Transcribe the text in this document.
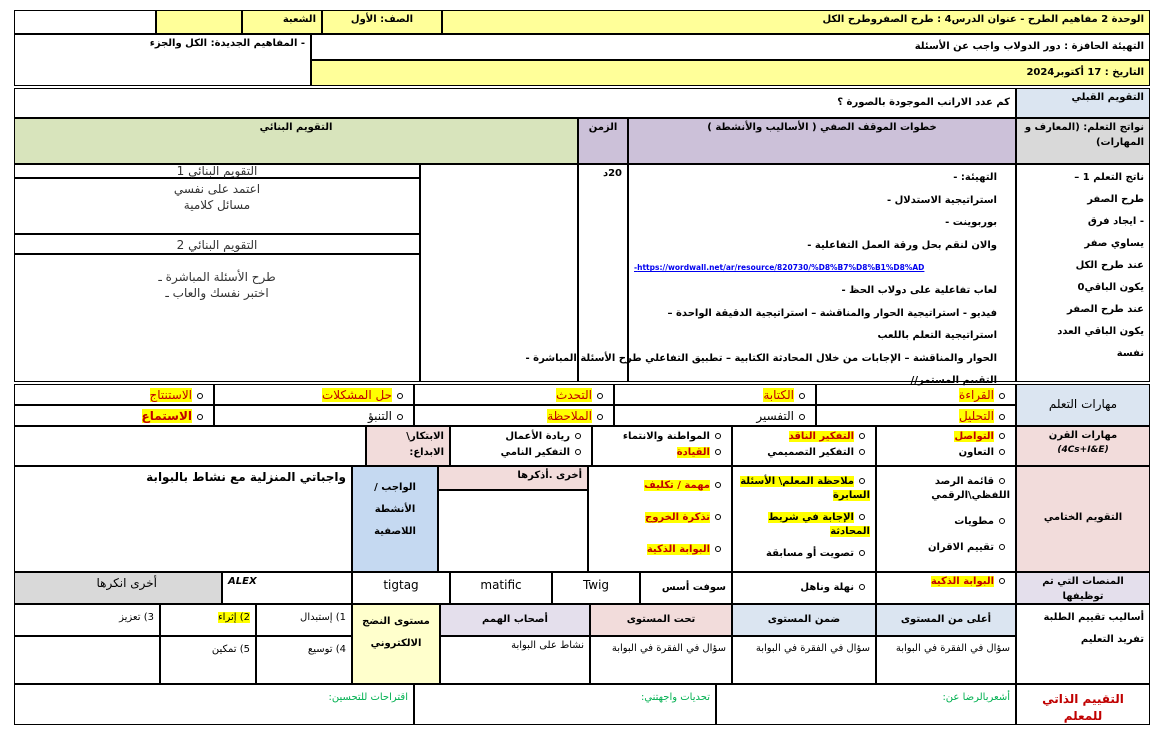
الوحدة 2 مفاهيم الطرح - عنوان الدرس4 : طرح الصفروطرح الكل
الصف: الأول
الشعبة
التهيئة الحافزة : دور الدولاب واجب عن الأسئلة
التاريخ : 17 أكتوبر2024
- المفاهيم الجديدة: الكل والجزء
التقويم القبلي
كم عدد الارانب الموجودة بالصورة ؟
نواتج التعلم: (المعارف و المهارات)
خطوات الموقف الصفي ( الأساليب والأنشطة )
الزمن
التقويم البنائي
ناتج التعلم 1 –
طرح الصفر
- ايجاد فرق
يساوي صفر
عند طرح الكل
يكون الباقي0
عند طرح الصفر
يكون الباقي العدد
نفسة
التهيئة: -
استراتيجية الاستدلال -
بوربوينت -
والان لنقم بحل ورقة العمل التفاعلية -
https://wordwall.net/ar/resource/820730/%D8%B7%D8%B1%D8%AD-
لعاب تفاعلية على دولاب الحظ -
فيديو - استراتيجية الحوار والمناقشة – استراتيجية الدقيقة الواحدة –
استراتيجية التعلم باللعب
الحوار والمناقشة – الإجابات من خلال المحادثة الكتابية – تطبيق التفاعلي طرح الأسئلة المباشرة -
التقييم المستمر//
20د
التقويم البنائي 1
اعتمد على نفسي
مسائل كلامية
التقويم البنائي 2
طرح الأسئلة المباشرة ـ
اختبر نفسك والعاب ـ
مهارات التعلم
القراءة
الكتابة
التحدث
حل المشكلات
الاستنتاج
التحليل
التفسير
الملاحظة
التنبؤ
الاستماع
مهارات القرن
(4Cs+I&E)
التواصل
التعاون
التفكير الناقد
التفكير التصميمي
المواطنة والانتماء
القيادة
ريادة الأعمال
التفكير النامي
الابتكار\ الابداع:
التقويم الختامي
قائمة الرصد اللفظي\الرقمي
مطويات
تقييم الاقران
ملاحظة المعلم\ الأسئلة السابرة
الإجابة في شريط المحادثة
تصويت أو مسابقة
مهمة / تكليف
تذكرة الخروج
البوابة الذكية
أخرى .أذكرها
الواجب / الأنشطة اللاصفية
واجباتي المنزلية مع نشاط بالبوابة
المنصات التي تم توظيفها
البوابة الذكية
نهلة وناهل
سوفت أسس
Twig
matific
tigtag
ALEX
أخرى انكرها
أساليب تقييم الطلبة تفريد التعليم
أعلى من المستوى
ضمن المستوى
تحت المستوى
أصحاب الهمم
سؤال في الفقرة في البوابة
سؤال في الفقرة في البوابة
سؤال في الفقرة في البوابة
نشاط على البوابة
مستوى النضج الالكتروني
1) إستبدال
2) إثراء
3) تعزيز
4) توسيع
5) تمكين
التقييم الذاتي للمعلم
أشعربالرضا عن:
تحديات واجهتني:
اقتراحات للتحسين:
